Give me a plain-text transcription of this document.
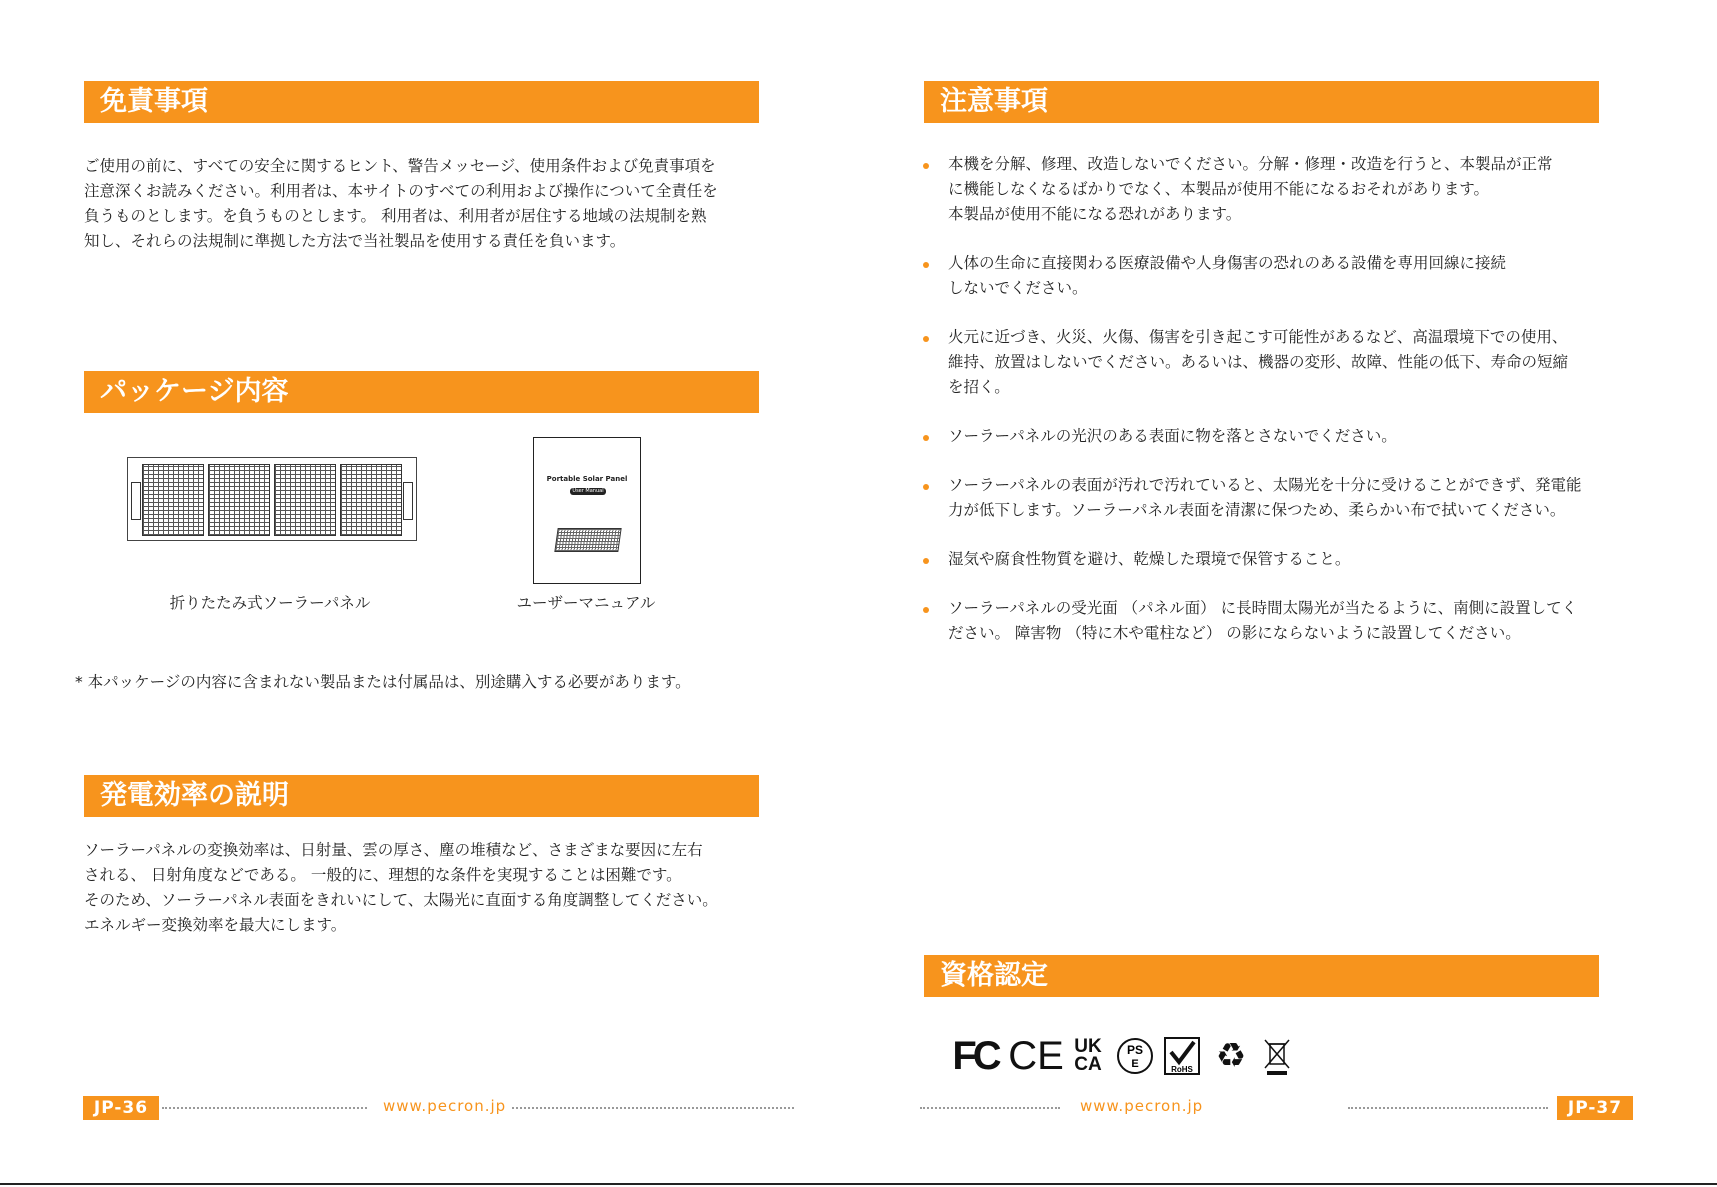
免責事項
ご使用の前に、すべての安全に関するヒント、警告メッセージ、使用条件および免責事項を
注意深くお読みください。利用者は、本サイトのすべての利用および操作について全責任を
負うものとします。を負うものとします。 利用者は、利用者が居住する地域の法規制を熟
知し、それらの法規制に準拠した方法で当社製品を使用する責任を負います。
パッケージ内容
折りたたみ式ソーラーパネル
Portable Solar Panel
User Manual
ユーザーマニュアル
* 本パッケージの内容に含まれない製品または付属品は、別途購入する必要があります。
発電効率の説明
ソーラーパネルの変換効率は、日射量、雲の厚さ、塵の堆積など、さまざまな要因に左右
される、 日射角度などである。 一般的に、理想的な条件を実現することは困難です。
そのため、ソーラーパネル表面をきれいにして、太陽光に直面する角度調整してください。
エネルギー変換効率を最大にします。
JP-36	www.pecron.jp
注意事項
本機を分解、修理、改造しないでください。分解・修理・改造を行うと、本製品が正常
に機能しなくなるばかりでなく、本製品が使用不能になるおそれがあります。
本製品が使用不能になる恐れがあります。
人体の生命に直接関わる医療設備や人身傷害の恐れのある設備を専用回線に接続
しないでください。
火元に近づき、火災、火傷、傷害を引き起こす可能性があるなど、高温環境下での使用、
維持、放置はしないでください。あるいは、機器の変形、故障、性能の低下、寿命の短縮
を招く。
ソーラーパネルの光沢のある表面に物を落とさないでください。
ソーラーパネルの表面が汚れで汚れていると、太陽光を十分に受けることができず、発電能
力が低下します。ソーラーパネル表面を清潔に保つため、柔らかい布で拭いてください。
湿気や腐食性物質を避け、乾燥した環境で保管すること。
ソーラーパネルの受光面 （パネル面） に長時間太陽光が当たるように、南側に設置してく
ださい。 障害物 （特に木や電柱など） の影にならないように設置してください。
資格認定
JP-37
www.pecron.jp
FC CE UK CA
PS
E	RoHS ♻
